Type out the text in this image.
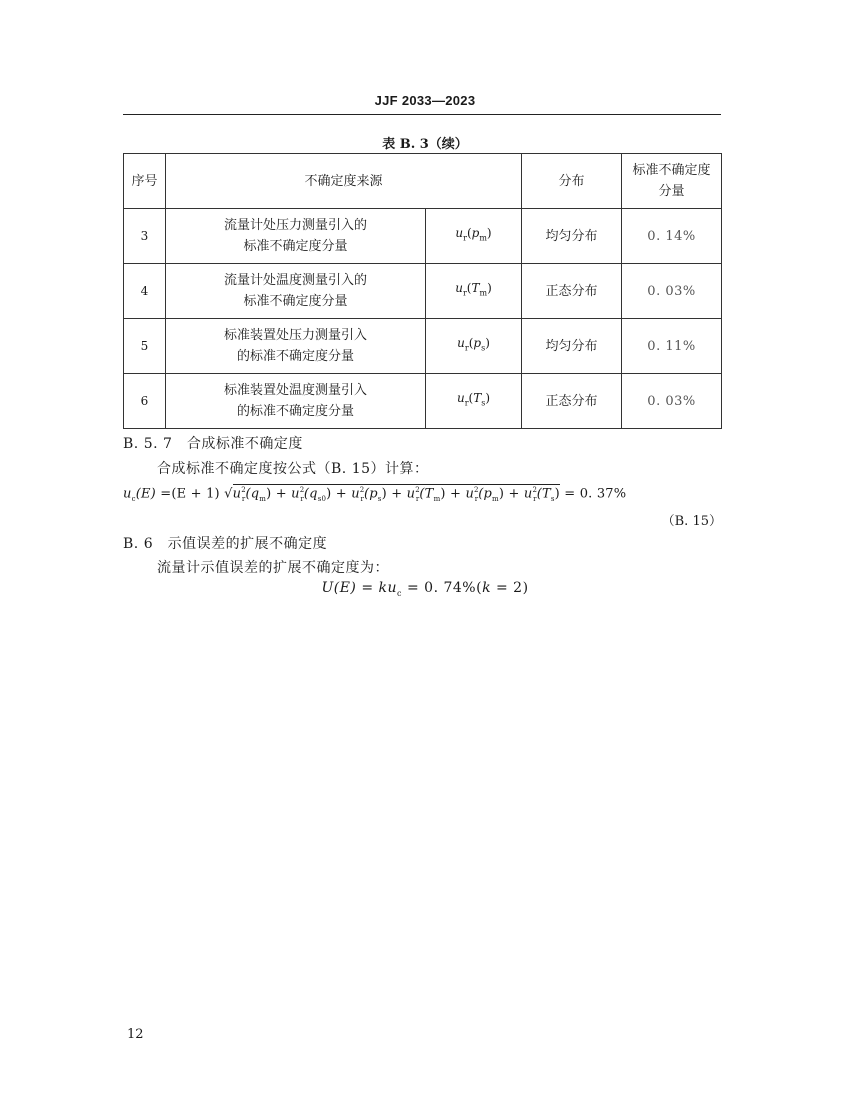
JJF 2033—2023
表 B. 3（续）
序号	不确定度来源		分布	标准不确定度
分量

3	流量计处压力测量引入的
标准不确定度分量	$u_r(p_m)$	均匀分布	0. 14%
4	流量计处温度测量引入的
标准不确定度分量	$u_r(T_m)$	正态分布	0. 03%
5	标准装置处压力测量引入
的标准不确定度分量	$u_r(p_s)$	均匀分布	0. 11%
6	标准装置处温度测量引入
的标准不确定度分量	$u_r(T_s)$	正态分布	0. 03%
B. 5. 7　合成标准不确定度
合成标准不确定度按公式（B. 15）计算：
$u_c(E) =(E + 1) √u^2_r(q_m) + u^2_r(q_{s0}) + u^2_r(p_s) + u^2_r(T_m) + u^2_r(p_m) + u^2_r(T_s) = 0$. 37%
（B. 15）
B. 6　示值误差的扩展不确定度
流量计示值误差的扩展不确定度为：
$U(E) = ku_c = 0$. 74%(k = 2)
12
